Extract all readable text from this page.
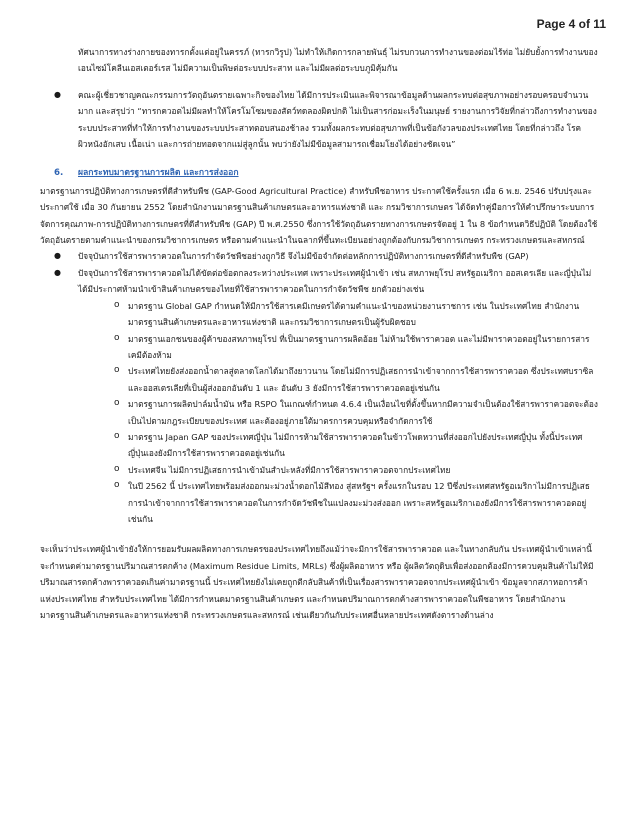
Page 4 of 11

ทัศนาการทางร่างกายของทารกตั้งแต่อยู่ในครรภ์ (ทารกวิรูป) ไม่ทำให้เกิดการกลายพันธุ์ ไม่รบกวนการทำงานของต่อมไร้ท่อ ไม่ยับยั้งการทำงานของเอนไซม์โคลีนเอสเตอร์เรส ไม่มีความเป็นพิษต่อระบบประสาท และไม่มีผลต่อระบบภูมิคุ้มกัน

● คณะผู้เชี่ยวชาญคณะกรรมการวัตถุอันตรายเฉพาะกิจของไทย ได้มีการประเมินและพิจารณาข้อมูลด้านผลกระทบต่อสุขภาพอย่างรอบครอบจำนวนมาก และสรุปว่า “ทารกควอตไม่มีผลทำให้โครโมโซมของสัตว์ทดลองผิดปกติ ไม่เป็นสารก่อมะเร็งในมนุษย์ รายงานการวิจัยที่กล่าวถึงการทำงานของระบบประสาทที่ทำให้การทำงานของระบบประสาทตอบสนองช้าลง รวมทั้งผลกระทบต่อสุขภาพที่เป็นข้อกังวลของประเทศไทย โดยที่กล่าวถึง โรคผิวหนังอักเสบ เนื้อเน่า และการถ่ายทอดจากแม่สู่ลูกนั้น พบว่ายังไม่มีข้อมูลสามารถเชื่อมโยงได้อย่างชัดเจน”

6. ผลกระทบมาตรฐานการผลิต และการส่งออก

มาตรฐานการปฏิบัติทางการเกษตรที่ดีสำหรับพืช (GAP-Good Agricultural Practice) สำหรับพืชอาหาร ประกาศใช้ครั้งแรก เมื่อ 6 พ.ย. 2546 ปรับปรุงและประกาศใช้ เมื่อ 30 กันยายน 2552 โดยสำนักงานมาตรฐานสินค้าเกษตรและอาหารแห่งชาติ และ กรมวิชาการเกษตร ได้จัดทำคู่มือการให้คำปรึกษาระบบการจัดการคุณภาพ-การปฏิบัติทางการเกษตรที่ดีสำหรับพืช (GAP) ปี พ.ศ.2550 ซึ่งการใช้วัตถุอันตรายทางการเกษตรจัดอยู่ 1 ใน 8 ข้อกำหนดวิธีปฏิบัติ โดยต้องใช้วัตถุอันตรายตามคำแนะนำของกรมวิชาการเกษตร หรือตามคำแนะนำในฉลากที่ขึ้นทะเบียนอย่างถูกต้องกับกรมวิชาการเกษตร กระทรวงเกษตรและสหกรณ์

● ปัจจุบันการใช้สารพาราควอตในการกำจัดวัชพืชอย่างถูกวิธี จึงไม่มีข้อจำกัดต่อหลักการปฏิบัติทางการเกษตรที่ดีสำหรับพืช (GAP)
● ปัจจุบันการใช้สารพาราควอตไม่ได้ขัดต่อข้อตกลงระหว่างประเทศ เพราะประเทศผู้นำเข้า เช่น สหภาพยุโรป สหรัฐอเมริกา ออสเตรเลีย และญี่ปุ่นไม่ได้มีประกาศห้ามนำเข้าสินค้าเกษตรของไทยที่ใช้สารพาราควอตในการกำจัดวัชพืช ยกตัวอย่างเช่น
o มาตรฐาน Global GAP กำหนดให้มีการใช้สารเคมีเกษตรได้ตามคำแนะนำของหน่วยงานราชการ เช่น ในประเทศไทย สำนักงานมาตรฐานสินค้าเกษตรและอาหารแห่งชาติ และกรมวิชาการเกษตรเป็นผู้รับผิดชอบ
o มาตรฐานเอกชนของผู้ค้าของสหภาพยุโรป ที่เป็นมาตรฐานการผลิตอ้อย ไม่ห้ามใช้พาราควอต และไม่มีพาราควอตอยู่ในรายการสารเคมีต้องห้าม
o ประเทศไทยยังส่งออกน้ำตาลสู่ตลาดโลกได้มาถึงยาวนาน โดยไม่มีการปฏิเสธการนำเข้าจากการใช้สารพาราควอต ซึ่งประเทศบราซิล และออสเตรเลียที่เป็นผู้ส่งออกอันดับ 1 และ อันดับ 3 ยังมีการใช้สารพาราควอตอยู่เช่นกัน
o มาตรฐานการผลิตปาล์มน้ำมัน หรือ RSPO ในเกณฑ์กำหนด 4.6.4 เป็นเงื่อนไขที่ตั้งขึ้นหากมีความจำเป็นต้องใช้สารพาราควอตจะต้องเป็นไปตามกฎระเบียบของประเทศ และต้องอยู่ภายใต้มาตรการควบคุมหรือจำกัดการใช้
o มาตรฐาน Japan GAP ของประเทศญี่ปุ่น ไม่มีการห้ามใช้สารพาราควอตในข้าวโพดหวานที่ส่งออกไปยังประเทศญี่ปุ่น ทั้งนี้ประเทศญี่ปุ่นเองยังมีการใช้สารพาราควอตอยู่เช่นกัน
o ประเทศจีน ไม่มีการปฏิเสธการนำเข้ามันสำปะหลังที่มีการใช้สารพาราควอตจากประเทศไทย
o ในปี 2562 นี้ ประเทศไทยพร้อมส่งออกมะม่วงน้ำดอกไม้สีทอง สู่สหรัฐฯ ครั้งแรกในรอบ 12 ปีซึ่งประเทศสหรัฐอเมริกาไม่มีการปฏิเสธการนำเข้าจากการใช้สารพาราควอตในการกำจัดวัชพืชในแปลงมะม่วงส่งออก เพราะสหรัฐอเมริกาเองยังมีการใช้สารพาราควอตอยู่เช่นกัน

จะเห็นว่าประเทศผู้นำเข้ายังให้การยอมรับผลผลิตทางการเกษตรของประเทศไทยถึงแม้ว่าจะมีการใช้สารพาราควอต และในทางกลับกัน ประเทศผู้นำเข้าเหล่านี้จะกำหนดค่ามาตรฐานปริมาณสารตกค้าง (Maximum Residue Limits, MRLs) ซึ่งผู้ผลิตอาหาร หรือ ผู้ผลิตวัตถุดิบเพื่อส่งออกต้องมีการควบคุมสินค้าไม่ให้มีปริมาณสารตกค้างพาราควอตเกินค่ามาตรฐานนี้ ประเทศไทยยังไม่เคยถูกตีกลับสินค้าที่เป็นเรื่องสารพาราควอตจากประเทศผู้นำเข้า ข้อมูลจากสภาหอการค้าแห่งประเทศไทย สำหรับประเทศไทย ได้มีการกำหนดมาตรฐานสินค้าเกษตร และกำหนดปริมาณการตกค้างสารพาราควอตในพืชอาหาร โดยสำนักงานมาตรฐานสินค้าเกษตรและอาหารแห่งชาติ กระทรวงเกษตรและสหกรณ์ เช่นเดียวกันกับประเทศอื่นหลายประเทศดังตารางด้านล่าง
